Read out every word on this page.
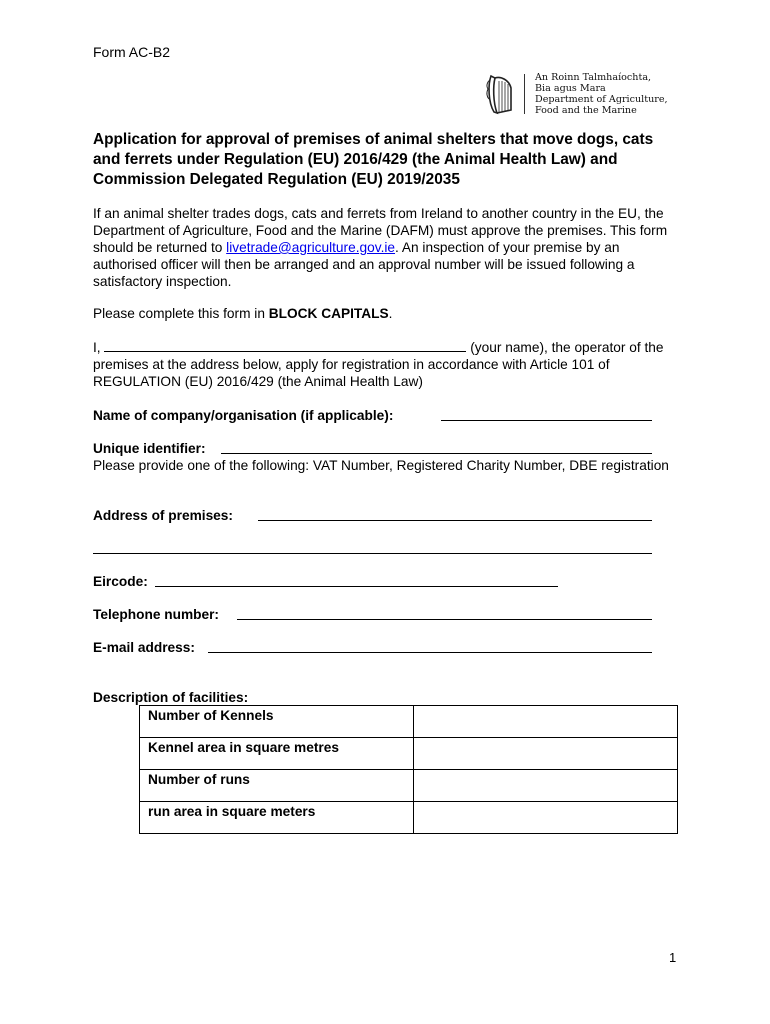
Form AC-B2
An Roinn Talmhaíochta,
Bia agus Mara
Department of Agriculture,
Food and the Marine
Application for approval of premises of animal shelters that move dogs, cats and ferrets under Regulation (EU) 2016/429 (the Animal Health Law) and Commission Delegated Regulation (EU) 2019/2035
If an animal shelter trades dogs, cats and ferrets from Ireland to another country in the EU, the Department of Agriculture, Food and the Marine (DAFM) must approve the premises. This form should be returned to livetrade@agriculture.gov.ie. An inspection of your premise by an authorised officer will then be arranged and an approval number will be issued following a satisfactory inspection.
Please complete this form in BLOCK CAPITALS.
I,	(your name), the operator of the premises at the address below, apply for registration in accordance with Article 101 of REGULATION (EU) 2016/429 (the Animal Health Law)
Name of company/organisation (if applicable):
Unique identifier:
Please provide one of the following: VAT Number, Registered Charity Number, DBE registration
Address of premises:
Eircode:
Telephone number:
E-mail address:
Description of facilities:
Number of Kennels	
Kennel area in square metres	
Number of runs	
run area in square meters	
1
